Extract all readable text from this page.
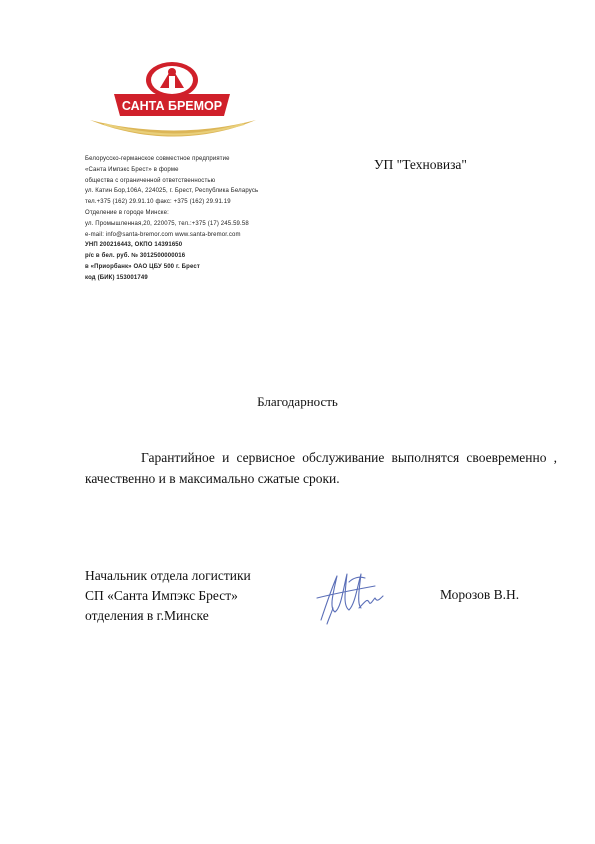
САНТА БРЕМОР
Белорусско-германское совместное предприятие
«Санта Импэкс Брест» в форме
общества с ограниченной ответственностью
ул. Катин Бор,106А, 224025, г. Брест, Республика Беларусь
тел.+375 (162) 29.91.10 факс: +375 (162) 29.91.19
Отделение в городе Минске:
ул. Промышленная,20, 220075, тел.:+375 (17) 245.59.58
e-mail: info@santa-bremor.com www.santa-bremor.com
УНП 200216443, ОКПО 14391650
р/с в бел. руб. № 3012500000016
в «Приорбанк» ОАО ЦБУ 500 г. Брест
код (БИК) 153001749
УП "Техновиза"
Благодарность
Гарантийное и сервисное обслуживание выполнятся своевременно ,
качественно и в максимально сжатые сроки.
Начальник отдела логистики
СП «Санта Импэкс Брест»
отделения в г.Минске
Морозов В.Н.
